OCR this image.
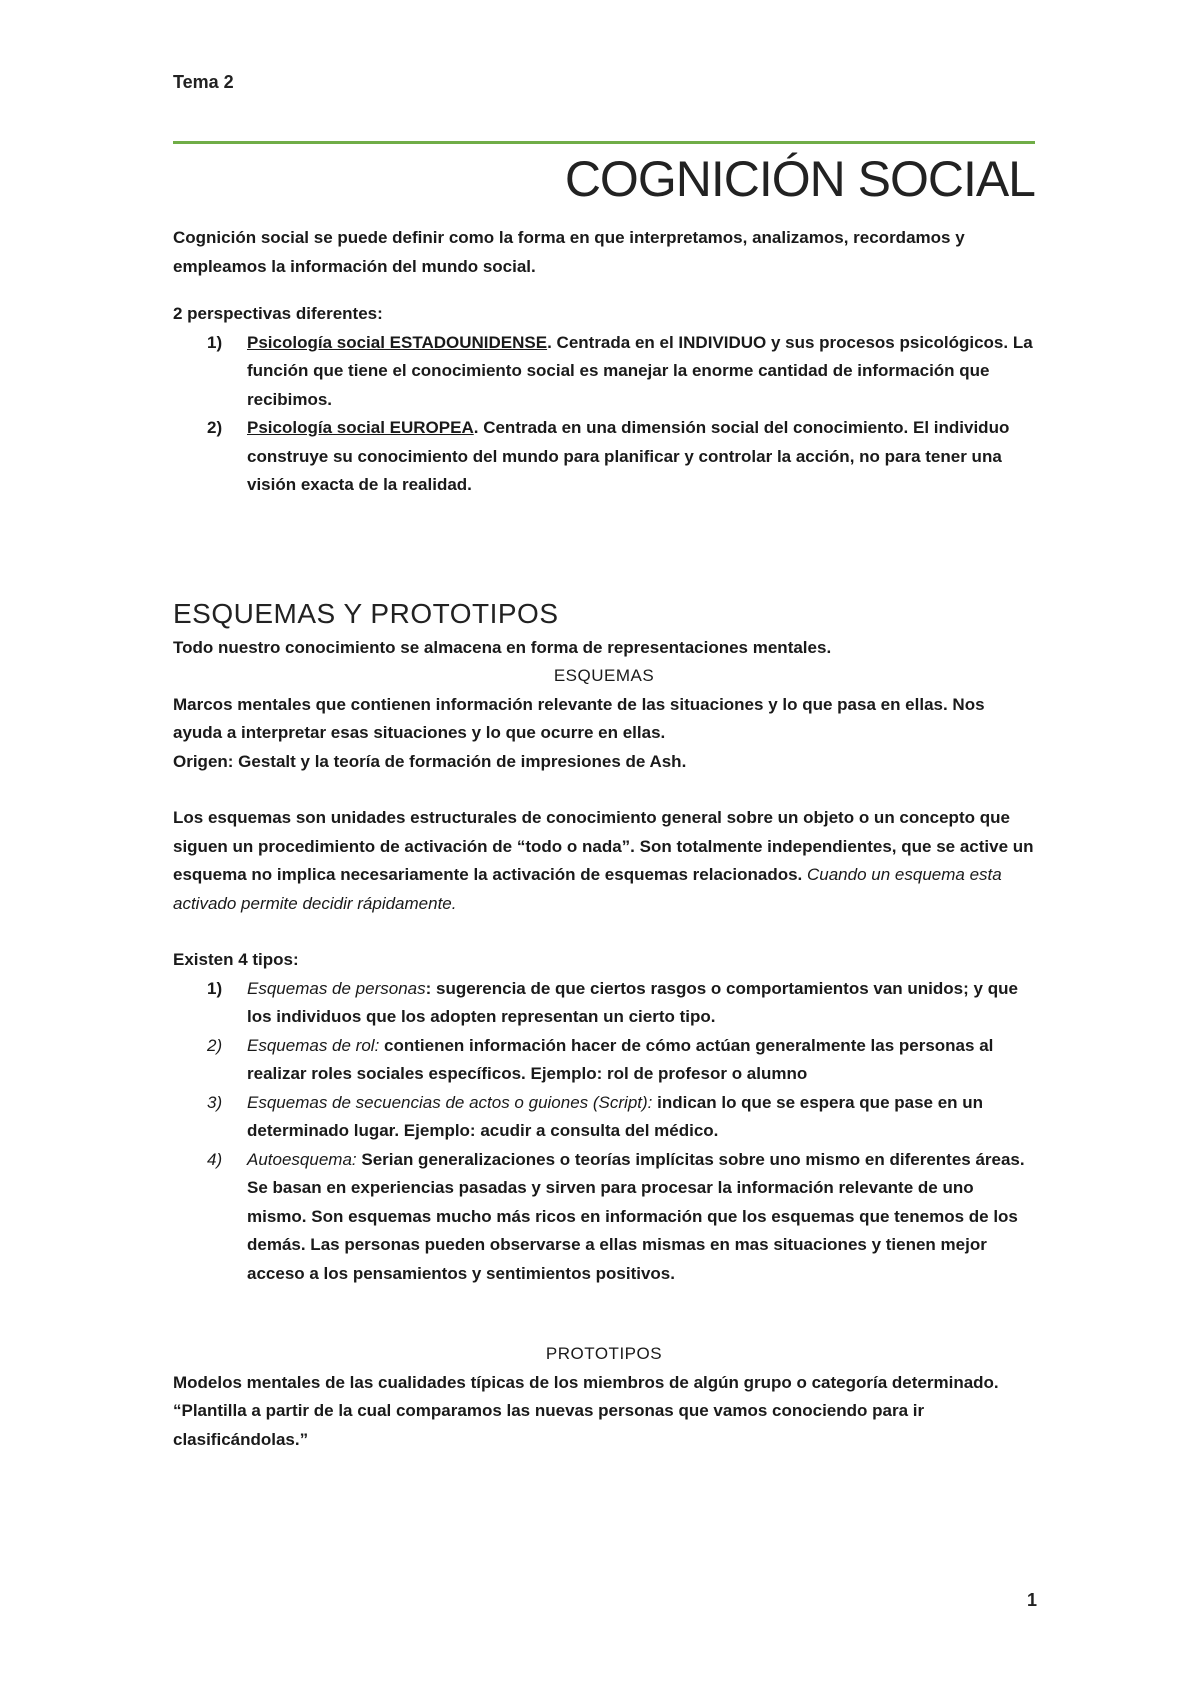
Tema 2
COGNICIÓN SOCIAL

Cognición social se puede definir como la forma en que interpretamos, analizamos, recordamos y empleamos la información del mundo social.

2 perspectivas diferentes:

1) Psicología social ESTADOUNIDENSE. Centrada en el INDIVIDUO y sus procesos psicológicos. La función que tiene el conocimiento social es manejar la enorme cantidad de información que recibimos.
2) Psicología social EUROPEA. Centrada en una dimensión social del conocimiento. El individuo construye su conocimiento del mundo para planificar y controlar la acción, no para tener una visión exacta de la realidad.
ESQUEMAS Y PROTOTIPOS

Todo nuestro conocimiento se almacena en forma de representaciones mentales.

ESQUEMAS

Marcos mentales que contienen información relevante de las situaciones y lo que pasa en ellas. Nos ayuda a interpretar esas situaciones y lo que ocurre en ellas.

Origen: Gestalt y la teoría de formación de impresiones de Ash.

Los esquemas son unidades estructurales de conocimiento general sobre un objeto o un concepto que siguen un procedimiento de activación de “todo o nada”. Son totalmente independientes, que se active un esquema no implica necesariamente la activación de esquemas relacionados. Cuando un esquema esta activado permite decidir rápidamente.

Existen 4 tipos:

1) Esquemas de personas: sugerencia de que ciertos rasgos o comportamientos van unidos; y que los individuos que los adopten representan un cierto tipo.
2) Esquemas de rol: contienen información hacer de cómo actúan generalmente las personas al realizar roles sociales específicos. Ejemplo: rol de profesor o alumno
3) Esquemas de secuencias de actos o guiones (Script): indican lo que se espera que pase en un determinado lugar. Ejemplo: acudir a consulta del médico.
4) Autoesquema: Serian generalizaciones o teorías implícitas sobre uno mismo en diferentes áreas. Se basan en experiencias pasadas y sirven para procesar la información relevante de uno mismo. Son esquemas mucho más ricos en información que los esquemas que tenemos de los demás. Las personas pueden observarse a ellas mismas en mas situaciones y tienen mejor acceso a los pensamientos y sentimientos positivos.

PROTOTIPOS

Modelos mentales de las cualidades típicas de los miembros de algún grupo o categoría determinado.

“Plantilla a partir de la cual comparamos las nuevas personas que vamos conociendo para ir clasificándolas.”

1
